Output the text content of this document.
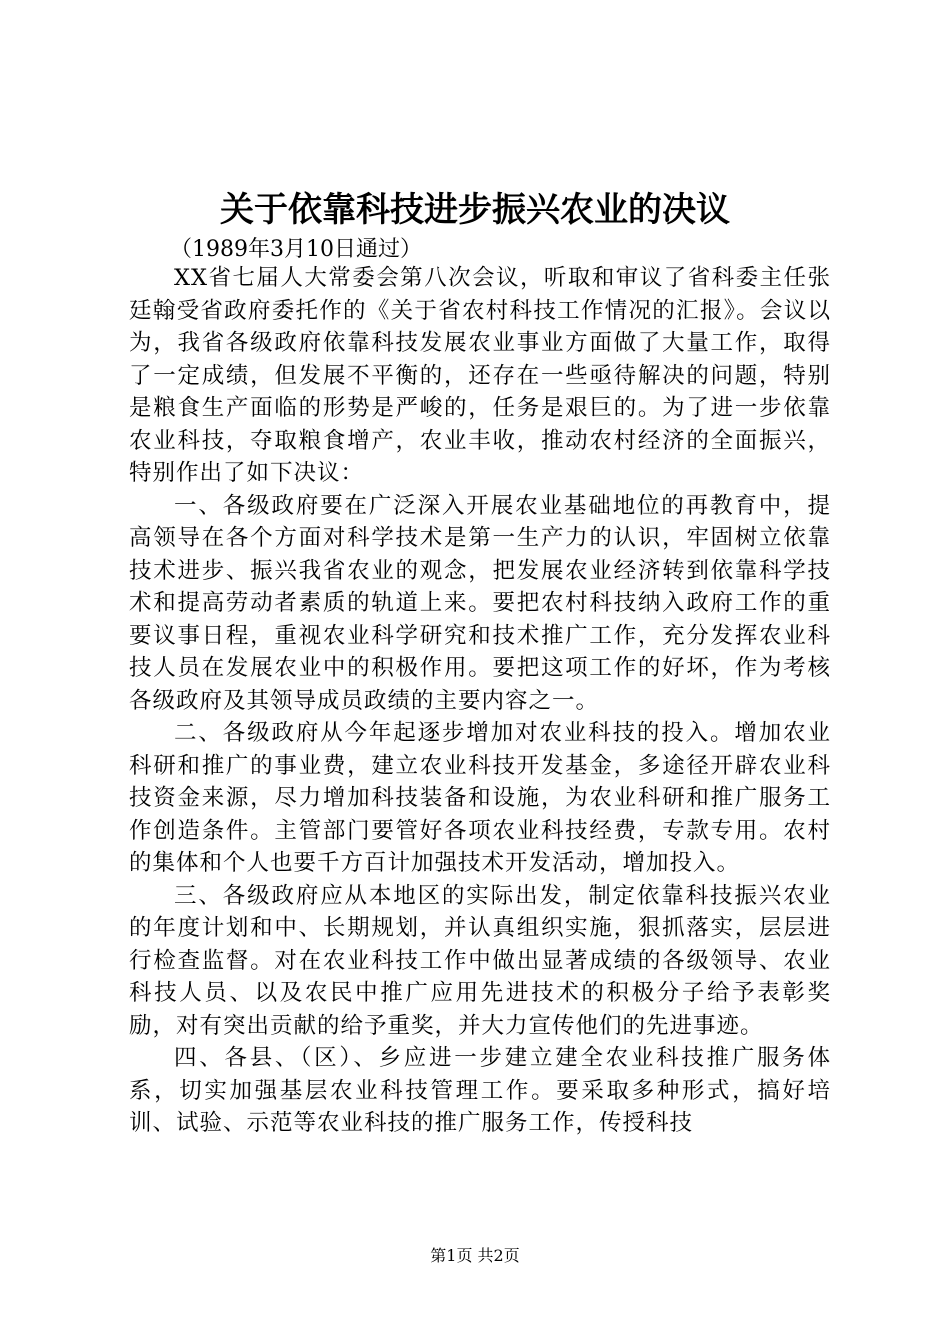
关于依靠科技进步振兴农业的决议

（1989年3月10日通过）

XX省七届人大常委会第八次会议，听取和审议了省科委主任张廷翰受省政府委托作的《关于省农村科技工作情况的汇报》。会议以为，我省各级政府依靠科技发展农业事业方面做了大量工作，取得了一定成绩，但发展不平衡的，还存在一些亟待解决的问题，特别是粮食生产面临的形势是严峻的，任务是艰巨的。为了进一步依靠农业科技，夺取粮食增产，农业丰收，推动农村经济的全面振兴，特别作出了如下决议：

一、各级政府要在广泛深入开展农业基础地位的再教育中，提高领导在各个方面对科学技术是第一生产力的认识，牢固树立依靠技术进步、振兴我省农业的观念，把发展农业经济转到依靠科学技术和提高劳动者素质的轨道上来。要把农村科技纳入政府工作的重要议事日程，重视农业科学研究和技术推广工作，充分发挥农业科技人员在发展农业中的积极作用。要把这项工作的好坏，作为考核各级政府及其领导成员政绩的主要内容之一。

二、各级政府从今年起逐步增加对农业科技的投入。增加农业科研和推广的事业费，建立农业科技开发基金，多途径开辟农业科技资金来源，尽力增加科技装备和设施，为农业科研和推广服务工作创造条件。主管部门要管好各项农业科技经费，专款专用。农村的集体和个人也要千方百计加强技术开发活动，增加投入。

三、各级政府应从本地区的实际出发，制定依靠科技振兴农业的年度计划和中、长期规划，并认真组织实施，狠抓落实，层层进行检查监督。对在农业科技工作中做出显著成绩的各级领导、农业科技人员、以及农民中推广应用先进技术的积极分子给予表彰奖励，对有突出贡献的给予重奖，并大力宣传他们的先进事迹。

四、各县、（区）、乡应进一步建立建全农业科技推广服务体系，切实加强基层农业科技管理工作。要采取多种形式，搞好培训、试验、示范等农业科技的推广服务工作，传授科技

第1页 共2页
